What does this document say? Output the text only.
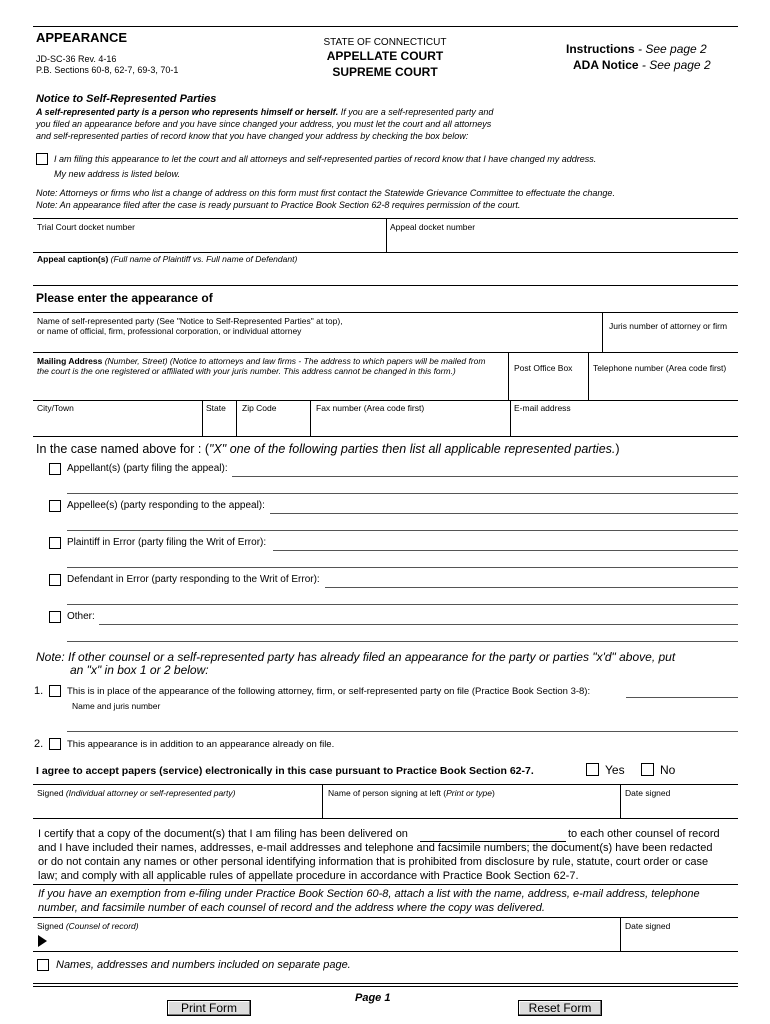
APPEARANCE
JD-SC-36 Rev. 4-16
P.B. Sections 60-8, 62-7, 69-3, 70-1
STATE OF CONNECTICUT
APPELLATE COURT
SUPREME COURT
Instructions - See page 2
ADA Notice - See page 2
Notice to Self-Represented Parties
A self-represented party is a person who represents himself or herself. If you are a self-represented party and
you filed an appearance before and you have since changed your address, you must let the court and all attorneys
and self-represented parties of record know that you have changed your address by checking the box below:
I am filing this appearance to let the court and all attorneys and self-represented parties of record know that I have changed my address.
My new address is listed below.
Note: Attorneys or firms who list a change of address on this form must first contact the Statewide Grievance Committee to effectuate the change.
Note: An appearance filed after the case is ready pursuant to Practice Book Section 62-8 requires permission of the court.
Trial Court docket number	Appeal docket number
Appeal caption(s) (Full name of Plaintiff vs. Full name of Defendant)
Please enter the appearance of
Name of self-represented party (See "Notice to Self-Represented Parties" at top),
or name of official, firm, professional corporation, or individual attorney	Juris number of attorney or firm
Mailing Address (Number, Street) (Notice to attorneys and law firms - The address to which papers will be mailed from
the court is the one registered or affiliated with your juris number. This address cannot be changed in this form.)	Post Office Box Telephone number (Area code first)
City/Town	State Zip Code	Fax number (Area code first)	E-mail address
In the case named above for : ("X" one of the following parties then list all applicable represented parties.)
Appellant(s) (party filing the appeal):
Appellee(s) (party responding to the appeal):
Plaintiff in Error (party filing the Writ of Error):
Defendant in Error (party responding to the Writ of Error):
Other:
Note: If other counsel or a self-represented party has already filed an appearance for the party or parties "x'd" above, put
an "x" in box 1 or 2 below:
1.	This is in place of the appearance of the following attorney, firm, or self-represented party on file (Practice Book Section 3-8):
Name and juris number
2.	This appearance is in addition to an appearance already on file.
I agree to accept papers (service) electronically in this case pursuant to Practice Book Section 62-7.	Yes	No
Signed (Individual attorney or self-represented party)	Name of person signing at left (Print or type)	Date signed
I certify that a copy of the document(s) that I am filing has been delivered on	to each other counsel of record
and I have included their names, addresses, e-mail addresses and telephone and facsimile numbers; the document(s) have been redacted
or do not contain any names or other personal identifying information that is prohibited from disclosure by rule, statute, court order or case
law; and comply with all applicable rules of appellate procedure in accordance with Practice Book Section 62-7.
If you have an exemption from e-filing under Practice Book Section 60-8, attach a list with the name, address, e-mail address, telephone
number, and facsimile number of each counsel of record and the address where the copy was delivered.
Signed (Counsel of record)	Date signed
Names, addresses and numbers included on separate page.
Page 1
Print Form	Reset Form
